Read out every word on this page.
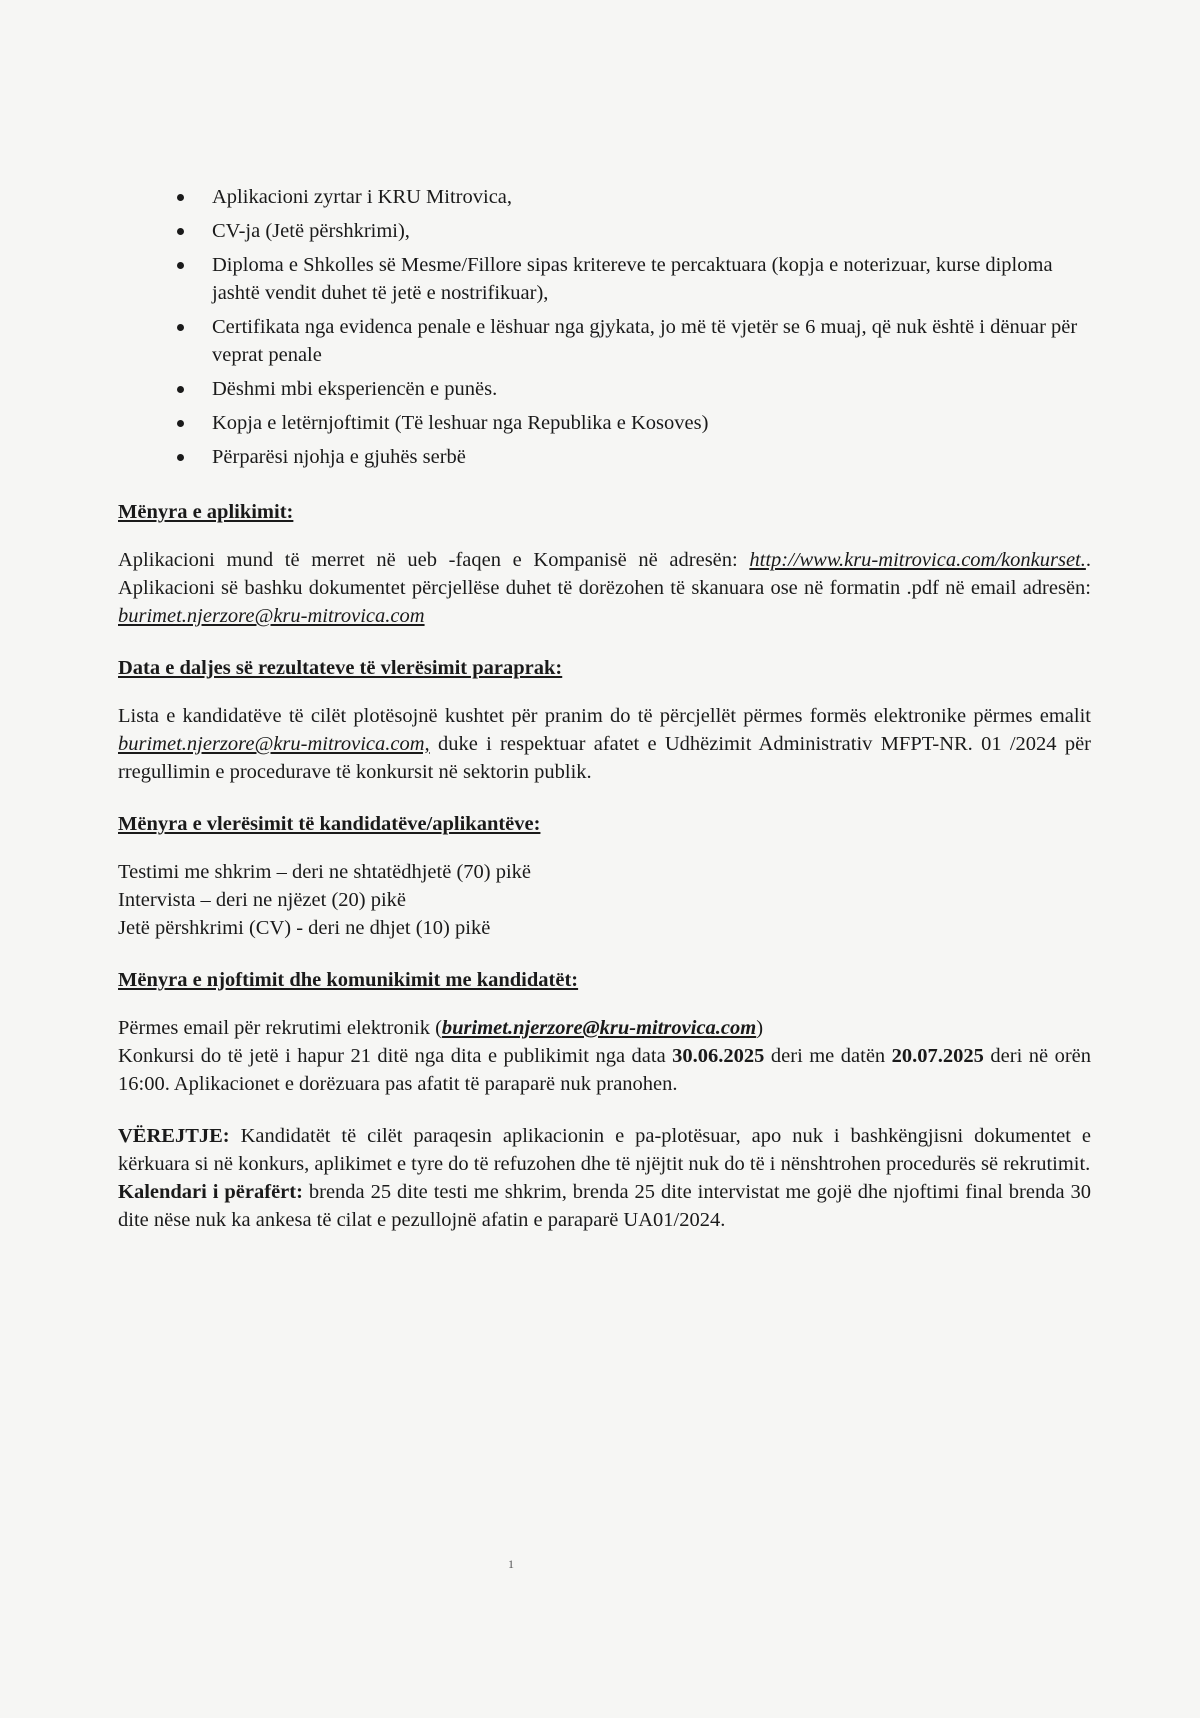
Aplikacioni zyrtar i KRU Mitrovica,
CV-ja (Jetë përshkrimi),
Diploma e Shkolles së Mesme/Fillore sipas kritereve te percaktuara (kopja e noterizuar, kurse diploma jashtë vendit duhet të jetë e nostrifikuar),
Certifikata nga evidenca penale e lëshuar nga gjykata, jo më të vjetër se 6 muaj, që nuk është i dënuar për veprat penale
Dëshmi mbi eksperiencën e punës.
Kopja e letërnjoftimit (Të leshuar nga Republika e Kosoves)
Përparësi njohja e gjuhës serbë
Mënyra e aplikimit:

Aplikacioni mund të merret në ueb -faqen e Kompanisë në adresën: http://www.kru-mitrovica.com/konkurset.. Aplikacioni së bashku dokumentet përcjellëse duhet të dorëzohen të skanuara ose në formatin .pdf në email adresën: burimet.njerzore@kru-mitrovica.com

Data e daljes së rezultateve të vlerësimit paraprak:

Lista e kandidatëve të cilët plotësojnë kushtet për pranim do të përcjellët përmes formës elektronike përmes emalit burimet.njerzore@kru-mitrovica.com, duke i respektuar afatet e Udhëzimit Administrativ MFPT-NR. 01 /2024 për rregullimin e procedurave të konkursit në sektorin publik.

Mënyra e vlerësimit të kandidatëve/aplikantëve:
Testimi me shkrim – deri ne shtatëdhjetë (70) pikë
Intervista – deri ne njëzet (20) pikë
Jetë përshkrimi (CV) - deri ne dhjet (10) pikë
Mënyra e njoftimit dhe komunikimit me kandidatët:

Përmes email për rekrutimi elektronik (burimet.njerzore@kru-mitrovica.com)
Konkursi do të jetë i hapur 21 ditë nga dita e publikimit nga data 30.06.2025 deri me datën 20.07.2025 deri në orën 16:00. Aplikacionet e dorëzuara pas afatit të paraparë nuk pranohen.

VËREJTJE: Kandidatët të cilët paraqesin aplikacionin e pa-plotësuar, apo nuk i bashkëngjisni dokumentet e kërkuara si në konkurs, aplikimet e tyre do të refuzohen dhe të njëjtit nuk do të i nënshtrohen procedurës së rekrutimit.
Kalendari i përafërt: brenda 25 dite testi me shkrim, brenda 25 dite intervistat me gojë dhe njoftimi final brenda 30 dite nëse nuk ka ankesa të cilat e pezullojnë afatin e paraparë UA01/2024.

1
